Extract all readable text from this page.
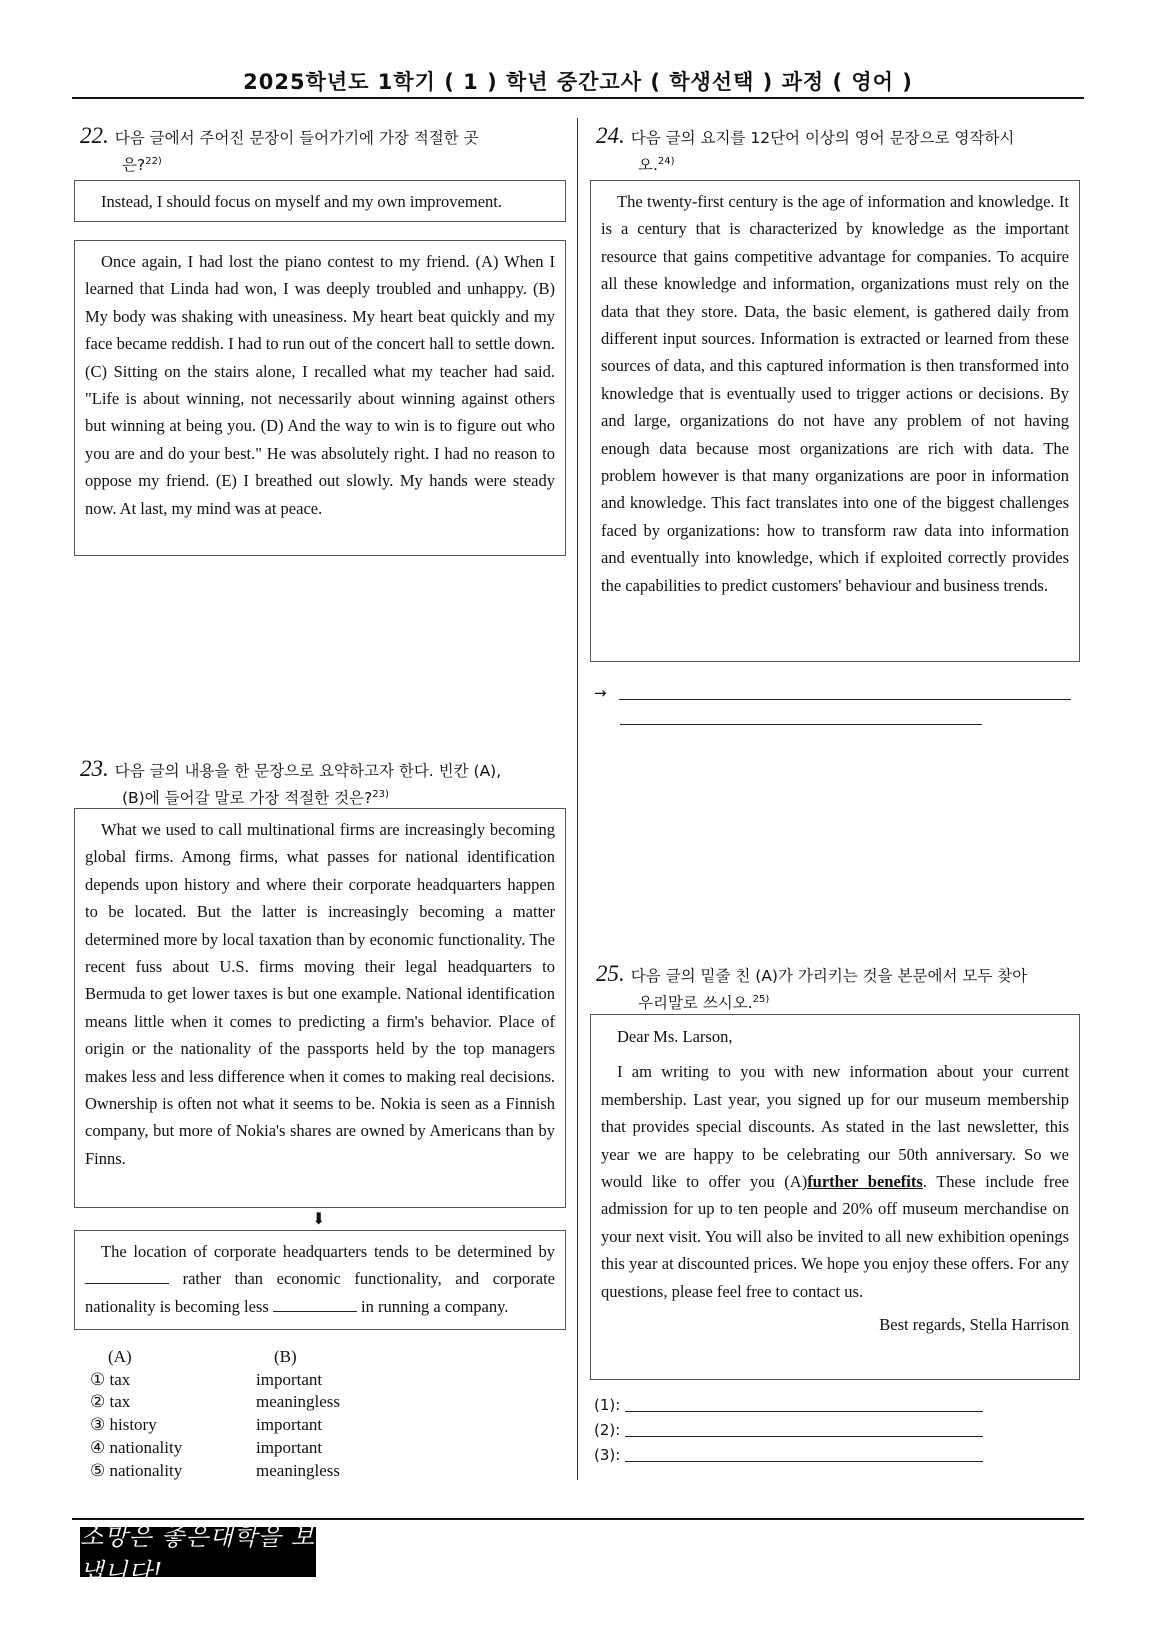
2025학년도 1학기 ( 1 ) 학년 중간고사 ( 학생선택 ) 과정 ( 영어 )
22. 다음 글에서 주어진 문장이 들어가기에 가장 적절한 곳
은?$^{22)}$

Instead, I should focus on myself and my own improvement.

Once again, I had lost the piano contest to my friend. (A) When I learned that Linda had won, I was deeply troubled and unhappy. (B) My body was shaking with uneasiness. My heart beat quickly and my face became reddish. I had to run out of the concert hall to settle down. (C) Sitting on the stairs alone, I recalled what my teacher had said. "Life is about winning, not necessarily about winning against others but winning at being you. (D) And the way to win is to figure out who you are and do your best." He was absolutely right. I had no reason to oppose my friend. (E) I breathed out slowly. My hands were steady now. At last, my mind was at peace.

23. 다음 글의 내용을 한 문장으로 요약하고자 한다. 빈칸 (A),
(B)에 들어갈 말로 가장 적절한 것은?$^{23)}$

What we used to call multinational firms are increasingly becoming global firms. Among firms, what passes for national identification depends upon history and where their corporate headquarters happen to be located. But the latter is increasingly becoming a matter determined more by local taxation than by economic functionality. The recent fuss about U.S. firms moving their legal headquarters to Bermuda to get lower taxes is but one example. National identification means little when it comes to predicting a firm's behavior. Place of origin or the nationality of the passports held by the top managers makes less and less difference when it comes to making real decisions. Ownership is often not what it seems to be. Nokia is seen as a Finnish company, but more of Nokia's shares are owned by Americans than by Finns.

⬇

The location of corporate headquarters tends to be determined by  rather than economic functionality, and corporate nationality is becoming less	in running a company.

(A)	(B)
① tax	important
② tax	meaningless
③ history	important
④ nationality	important
⑤ nationality	meaningless
24. 다음 글의 요지를 12단어 이상의 영어 문장으로 영작하시
오.$^{24)}$

The twenty-first century is the age of information and knowledge. It is a century that is characterized by knowledge as the important resource that gains competitive advantage for companies. To acquire all these knowledge and information, organizations must rely on the data that they store. Data, the basic element, is gathered daily from different input sources. Information is extracted or learned from these sources of data, and this captured information is then transformed into knowledge that is eventually used to trigger actions or decisions. By and large, organizations do not have any problem of not having enough data because most organizations are rich with data. The problem however is that many organizations are poor in information and knowledge. This fact translates into one of the biggest challenges faced by organizations: how to transform raw data into information and eventually into knowledge, which if exploited correctly provides the capabilities to predict customers' behaviour and business trends.

→

25. 다음 글의 밑줄 친 (A)가 가리키는 것을 본문에서 모두 찾아
우리말로 쓰시오.$^{25)}$

Dear Ms. Larson,

I am writing to you with new information about your current membership. Last year, you signed up for our museum membership that provides special discounts. As stated in the last newsletter, this year we are happy to be celebrating our 50th anniversary. So we would like to offer you (A)further benefits. These include free admission for up to ten people and 20% off museum merchandise on your next visit. You will also be invited to all new exhibition openings this year at discounted prices. We hope you enjoy these offers. For any questions, please feel free to contact us.

Best regards, Stella Harrison

(1):
(2):
(3):
소망은 좋은대학을 보냅니다!
